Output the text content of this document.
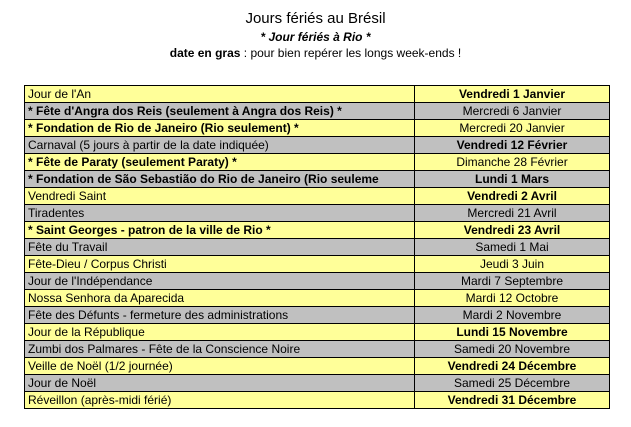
Jours fériés au Brésil
* Jour fériés à Rio *
date en gras : pour bien repérer les longs week-ends !
Jour de l'An	Vendredi 1 Janvier
* Fête d'Angra dos Reis (seulement à Angra dos Reis) *	Mercredi 6 Janvier
* Fondation de Rio de Janeiro (Rio seulement) *	Mercredi 20 Janvier
Carnaval (5 jours à partir de la date indiquée)	Vendredi 12 Février
* Fête de Paraty (seulement Paraty) *	Dimanche 28 Février
* Fondation de São Sebastião do Rio de Janeiro (Rio seuleme	Lundi 1 Mars
Vendredi Saint	Vendredi 2 Avril
Tiradentes	Mercredi 21 Avril
* Saint Georges - patron de la ville de Rio *	Vendredi 23 Avril
Fête du Travail	Samedi 1 Mai
Fête-Dieu / Corpus Christi	Jeudi 3 Juin
Jour de l'Indépendance	Mardi 7 Septembre
Nossa Senhora da Aparecida	Mardi 12 Octobre
Fête des Défunts - fermeture des administrations	Mardi 2 Novembre
Jour de la République	Lundi 15 Novembre
Zumbi dos Palmares - Fête de la Conscience Noire	Samedi 20 Novembre
Veille de Noël (1/2 journée)	Vendredi 24 Décembre
Jour de Noël	Samedi 25 Décembre
Réveillon (après-midi férié)	Vendredi 31 Décembre
